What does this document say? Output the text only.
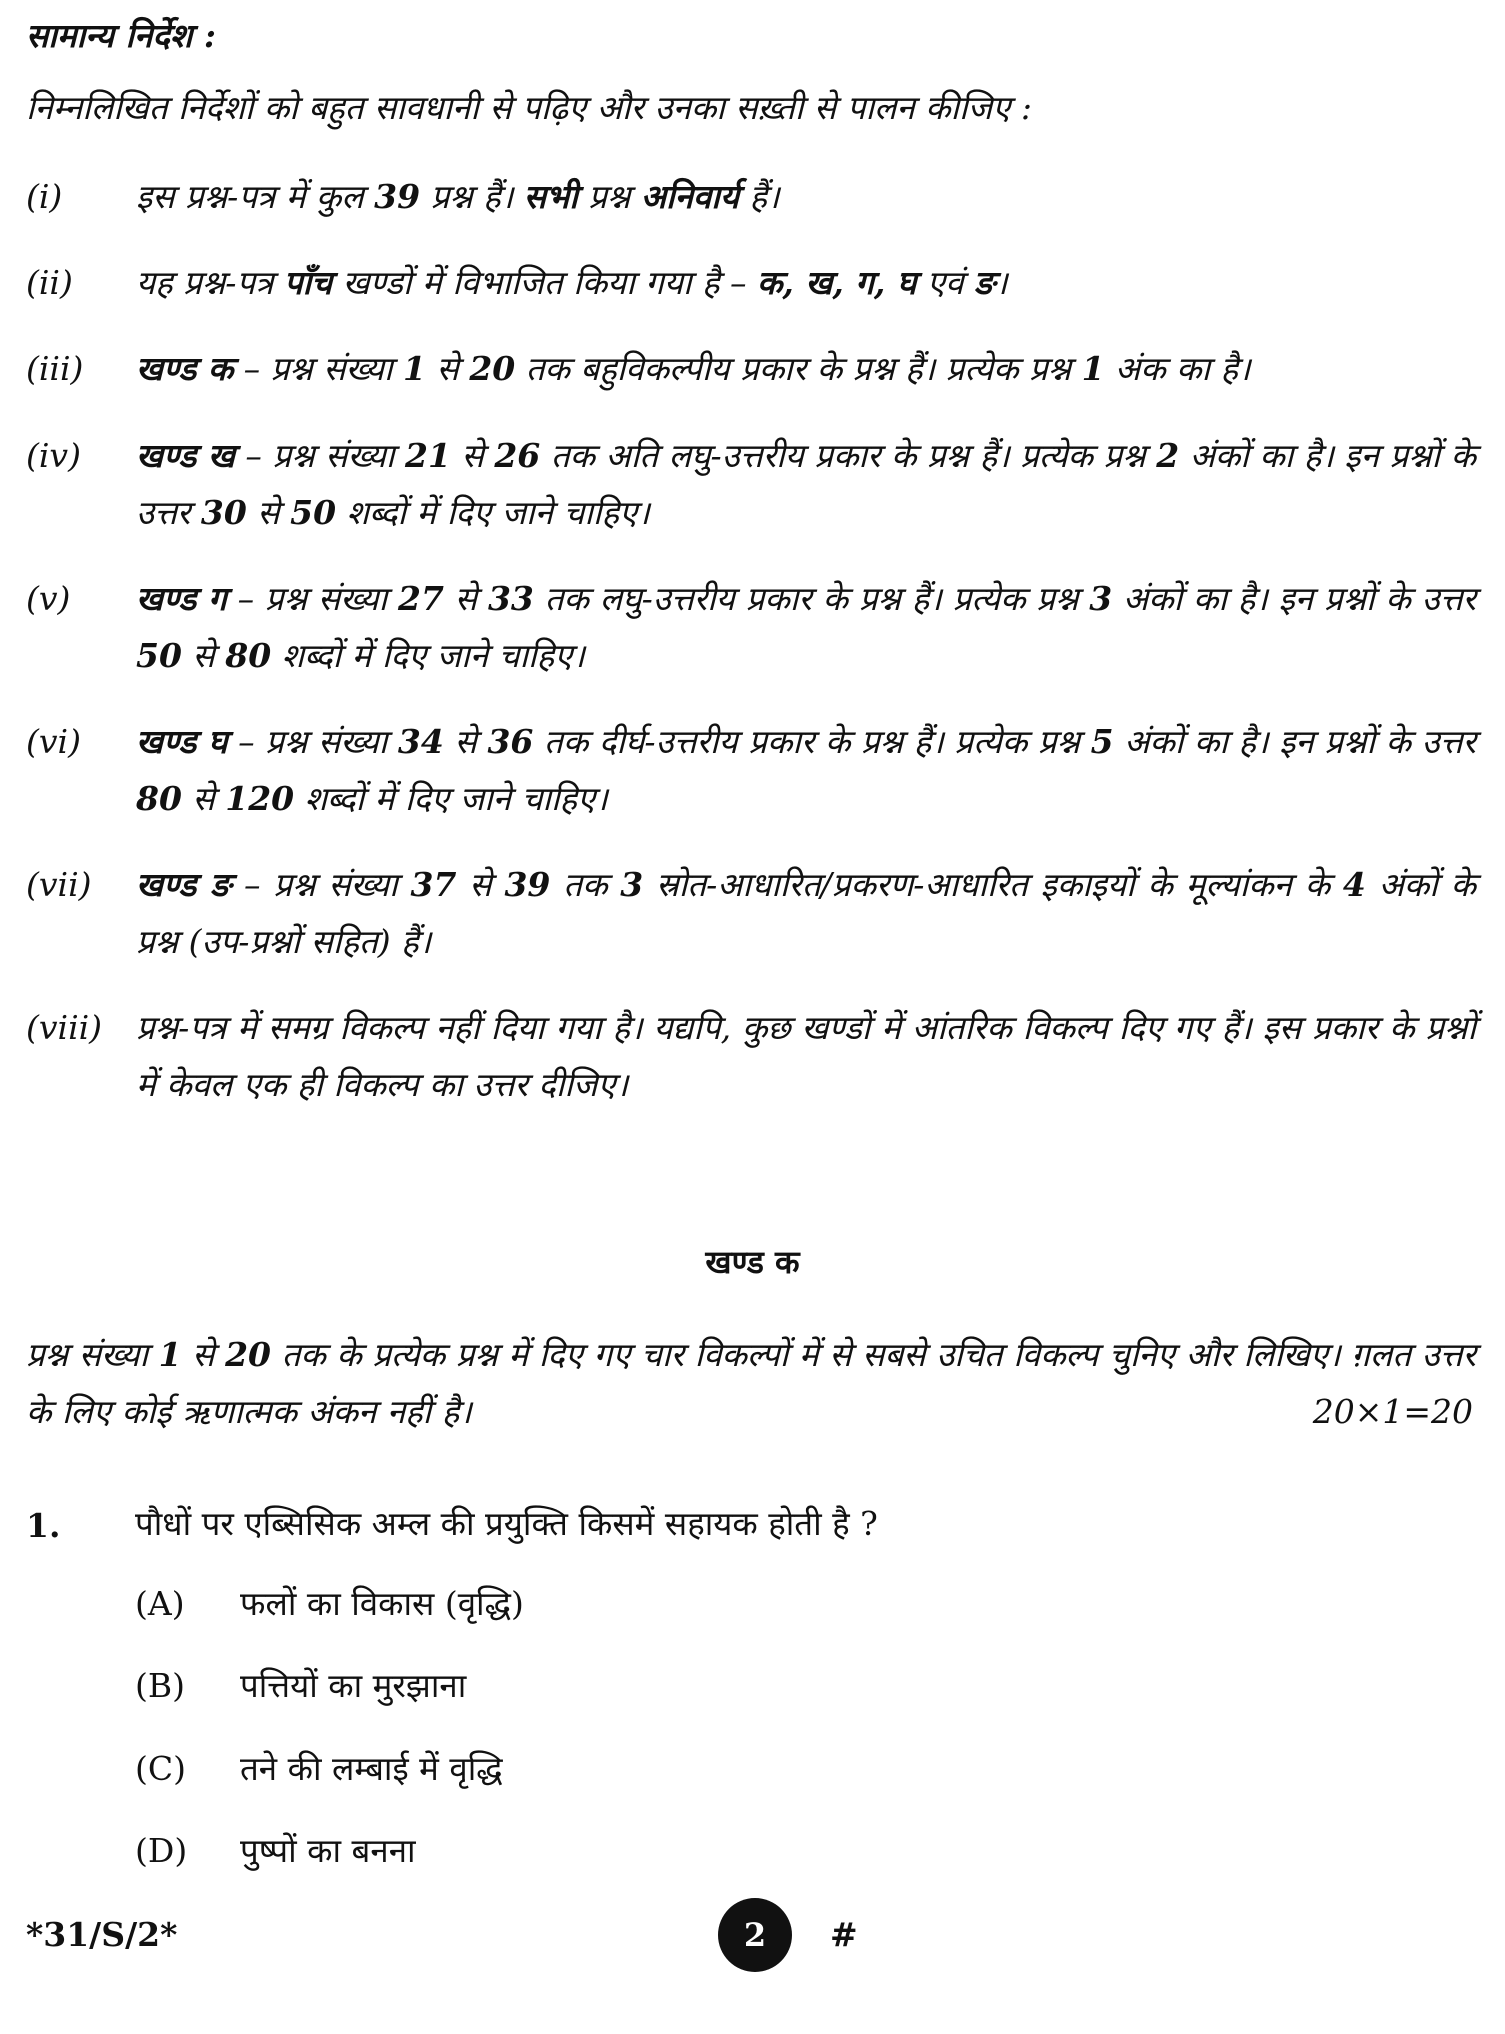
सामान्य निर्देश :
निम्नलिखित निर्देशों को बहुत सावधानी से पढ़िए और उनका सख़्ती से पालन कीजिए :
(i)	इस प्रश्न-पत्र में कुल 39 प्रश्न हैं। सभी प्रश्न अनिवार्य हैं।
(ii)	यह प्रश्न-पत्र पाँच खण्डों में विभाजित किया गया है – क, ख, ग, घ एवं ङ।
(iii)	खण्ड क – प्रश्न संख्या 1 से 20 तक बहुविकल्पीय प्रकार के प्रश्न हैं। प्रत्येक प्रश्न 1 अंक का है।
(iv)	खण्ड ख – प्रश्न संख्या 21 से 26 तक अति लघु-उत्तरीय प्रकार के प्रश्न हैं। प्रत्येक प्रश्न 2 अंकों का है। इन प्रश्नों के उत्तर 30 से 50 शब्दों में दिए जाने चाहिए।
(v)	खण्ड ग – प्रश्न संख्या 27 से 33 तक लघु-उत्तरीय प्रकार के प्रश्न हैं। प्रत्येक प्रश्न 3 अंकों का है। इन प्रश्नों के उत्तर 50 से 80 शब्दों में दिए जाने चाहिए।
(vi)	खण्ड घ – प्रश्न संख्या 34 से 36 तक दीर्घ-उत्तरीय प्रकार के प्रश्न हैं। प्रत्येक प्रश्न 5 अंकों का है। इन प्रश्नों के उत्तर 80 से 120 शब्दों में दिए जाने चाहिए।
(vii)	खण्ड ङ – प्रश्न संख्या 37 से 39 तक 3 स्रोत-आधारित/प्रकरण-आधारित इकाइयों के मूल्यांकन के 4 अंकों के प्रश्न (उप-प्रश्नों सहित) हैं।
(viii)	प्रश्न-पत्र में समग्र विकल्प नहीं दिया गया है। यद्यपि, कुछ खण्डों में आंतरिक विकल्प दिए गए हैं। इस प्रकार के प्रश्नों में केवल एक ही विकल्प का उत्तर दीजिए।
खण्ड क
प्रश्न संख्या 1 से 20 तक के प्रत्येक प्रश्न में दिए गए चार विकल्पों में से सबसे उचित विकल्प चुनिए और लिखिए। ग़लत उत्तर के लिए कोई ऋणात्मक अंकन नहीं है।	20×1=20
1. पौधों पर एब्सिसिक अम्ल की प्रयुक्ति किसमें सहायक होती है ?
(A) फलों का विकास (वृद्धि)
(B) पत्तियों का मुरझाना
(C) तने की लम्बाई में वृद्धि
(D) पुष्पों का बनना
*31/S/2*	2	#
